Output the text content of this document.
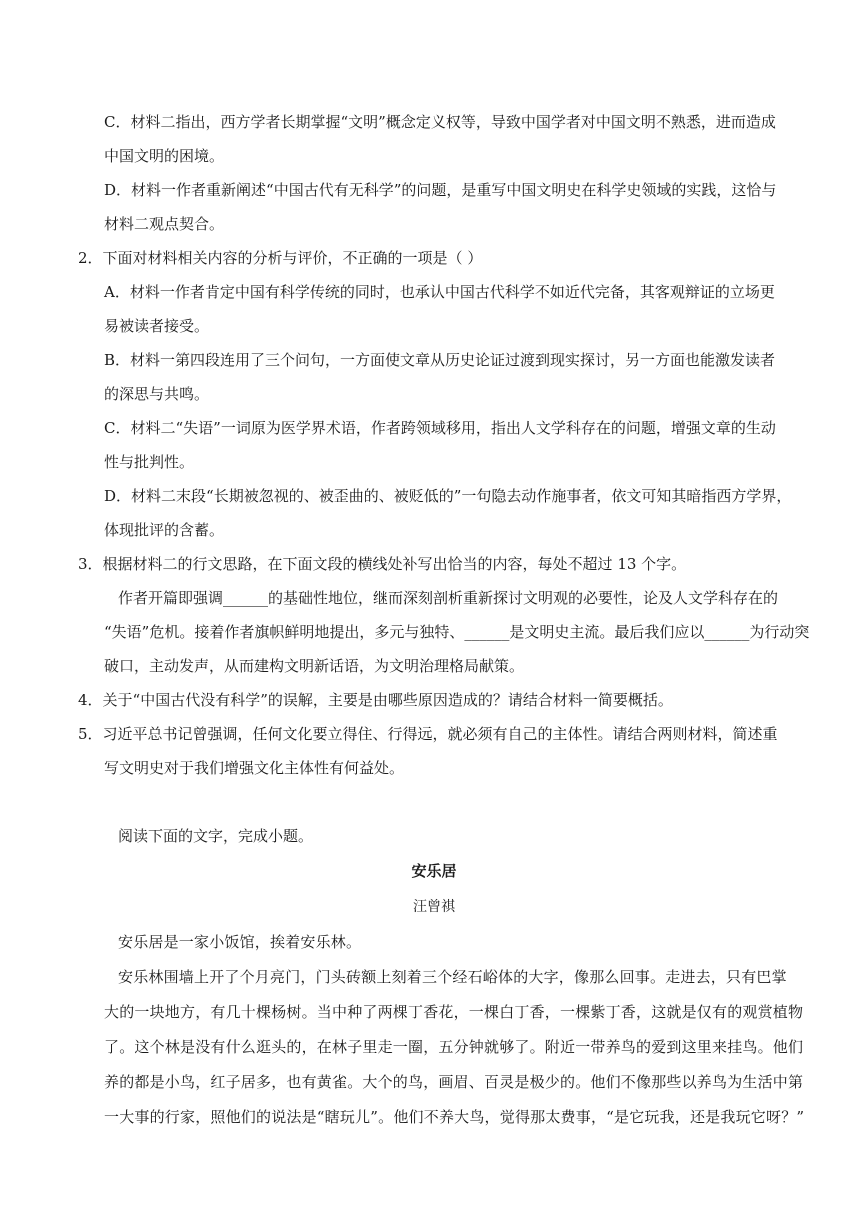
C．材料二指出，西方学者长期掌握“文明”概念定义权等，导致中国学者对中国文明不熟悉，进而造成
中国文明的困境。
D．材料一作者重新阐述“中国古代有无科学”的问题，是重写中国文明史在科学史领域的实践，这恰与
材料二观点契合。
2．下面对材料相关内容的分析与评价，不正确的一项是（ ）
A．材料一作者肯定中国有科学传统的同时，也承认中国古代科学不如近代完备，其客观辩证的立场更
易被读者接受。
B．材料一第四段连用了三个问句，一方面使文章从历史论证过渡到现实探讨，另一方面也能激发读者
的深思与共鸣。
C．材料二“失语”一词原为医学界术语，作者跨领域移用，指出人文学科存在的问题，增强文章的生动
性与批判性。
D．材料二末段“长期被忽视的、被歪曲的、被贬低的”一句隐去动作施事者，依文可知其暗指西方学界，
体现批评的含蓄。
3．根据材料二的行文思路，在下面文段的横线处补写出恰当的内容，每处不超过 13 个字。
作者开篇即强调______的基础性地位，继而深刻剖析重新探讨文明观的必要性，论及人文学科存在的
“失语”危机。接着作者旗帜鲜明地提出，多元与独特、______是文明史主流。最后我们应以______为行动突
破口，主动发声，从而建构文明新话语，为文明治理格局献策。
4．关于“中国古代没有科学”的误解，主要是由哪些原因造成的？请结合材料一简要概括。
5．习近平总书记曾强调，任何文化要立得住、行得远，就必须有自己的主体性。请结合两则材料，简述重
写文明史对于我们增强文化主体性有何益处。
阅读下面的文字，完成小题。
安乐居
汪曾祺
安乐居是一家小饭馆，挨着安乐林。
安乐林围墙上开了个月亮门，门头砖额上刻着三个经石峪体的大字，像那么回事。走进去，只有巴掌
大的一块地方，有几十棵杨树。当中种了两棵丁香花，一棵白丁香，一棵紫丁香，这就是仅有的观赏植物
了。这个林是没有什么逛头的，在林子里走一圈，五分钟就够了。附近一带养鸟的爱到这里来挂鸟。他们
养的都是小鸟，红子居多，也有黄雀。大个的鸟，画眉、百灵是极少的。他们不像那些以养鸟为生活中第
一大事的行家，照他们的说法是“瞎玩儿”。他们不养大鸟，觉得那太费事，“是它玩我，还是我玩它呀？”
